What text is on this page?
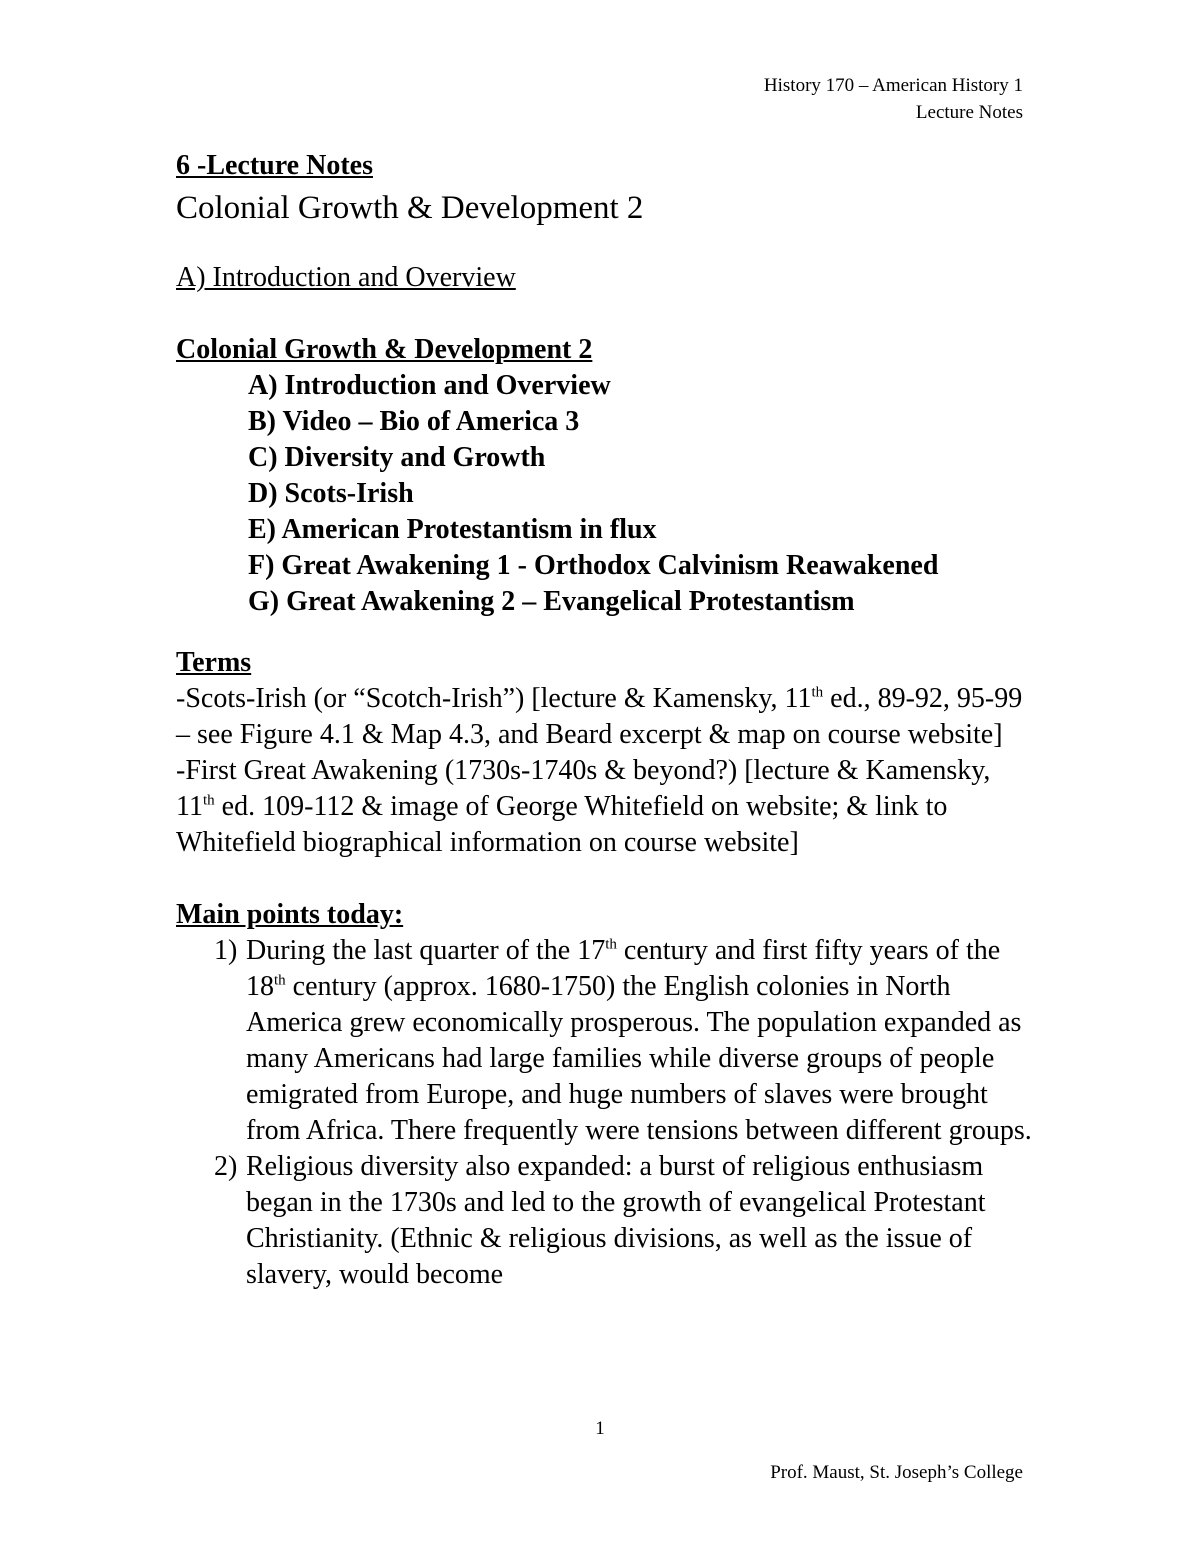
History 170 – American History 1
Lecture Notes
6 -Lecture Notes
Colonial Growth & Development 2
A) Introduction and Overview
Colonial Growth & Development 2
A) Introduction and Overview
B) Video – Bio of America 3
C) Diversity and Growth
D) Scots-Irish
E) American Protestantism in flux
F) Great Awakening 1 - Orthodox Calvinism Reawakened
G) Great Awakening 2 – Evangelical Protestantism
Terms

-Scots-Irish (or “Scotch-Irish”) [lecture & Kamensky, 11th ed., 89-92, 95-99 – see Figure 4.1 & Map 4.3, and Beard excerpt & map on course website]

-First Great Awakening (1730s-1740s & beyond?) [lecture & Kamensky, 11th ed. 109-112 & image of George Whitefield on website; & link to Whitefield biographical information on course website]

Main points today:
1) During the last quarter of the 17th century and first fifty years of the 18th century (approx. 1680-1750) the English colonies in North America grew economically prosperous. The population expanded as many Americans had large families while diverse groups of people emigrated from Europe, and huge numbers of slaves were brought from Africa. There frequently were tensions between different groups.
2) Religious diversity also expanded: a burst of religious enthusiasm began in the 1730s and led to the growth of evangelical Protestant Christianity. (Ethnic & religious divisions, as well as the issue of slavery, would become
1
Prof. Maust, St. Joseph’s College
